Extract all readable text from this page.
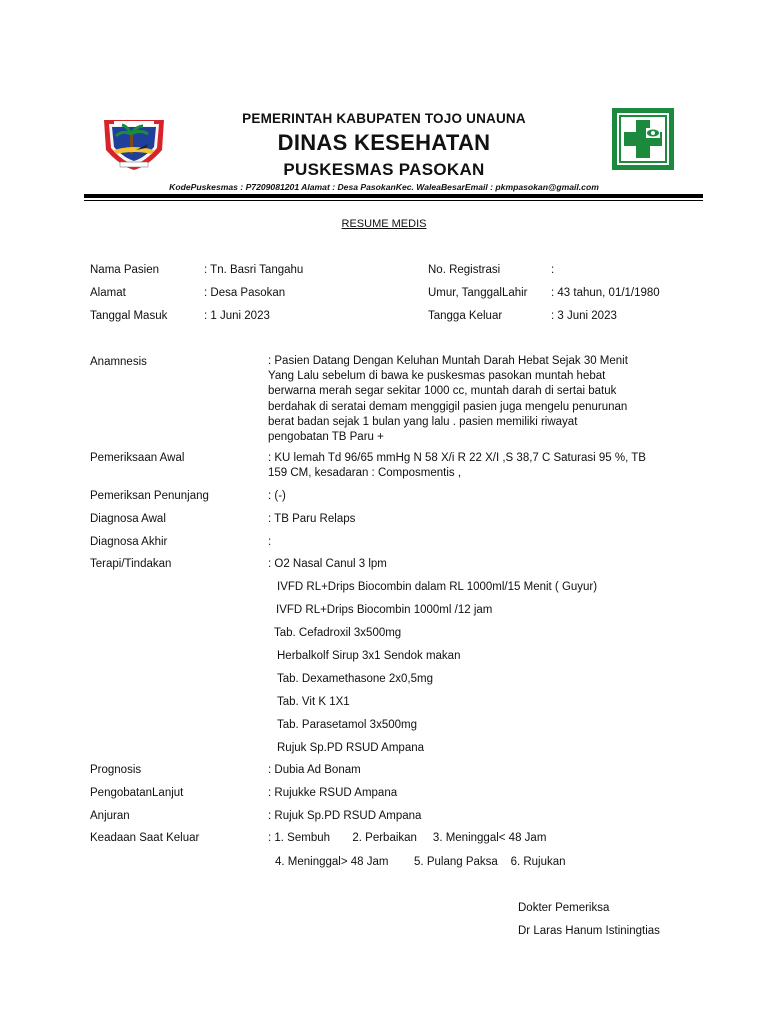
PEMERINTAH KABUPATEN TOJO UNAUNA
DINAS KESEHATAN
PUSKESMAS PASOKAN
KodePuskesmas : P7209081201 Alamat : Desa PasokanKec. WaleaBesarEmail : pkmpasokan@gmail.com
RESUME MEDIS
Nama Pasien	: Tn. Basri Tangahu	No. Registrasi	:
Alamat	: Desa Pasokan	Umur, TanggalLahir : 43 tahun, 01/1/1980
Tanggal Masuk	: 1 Juni 2023	Tangga Keluar	: 3 Juni 2023
Anamnesis	: Pasien Datang Dengan Keluhan Muntah Darah Hebat Sejak 30 Menit
Yang Lalu sebelum di bawa ke puskesmas pasokan muntah hebat
berwarna merah segar sekitar 1000 cc, muntah darah di sertai batuk
berdahak di seratai demam menggigil pasien juga mengelu penurunan
berat badan sejak 1 bulan yang lalu . pasien memiliki riwayat
pengobatan TB Paru +
Pemeriksaan Awal	: KU lemah Td 96/65 mmHg N 58 X/i R 22 X/I ,S 38,7 C Saturasi 95 %, TB
159 CM, kesadaran : Composmentis ,
Pemeriksan Penunjang	: (-)
Diagnosa Awal	: TB Paru Relaps
Diagnosa Akhir	:
Terapi/Tindakan	: O2 Nasal Canul 3 lpm
IVFD RL+Drips Biocombin dalam RL 1000ml/15 Menit ( Guyur)
IVFD RL+Drips Biocombin 1000ml /12 jam
Tab. Cefadroxil 3x500mg
Herbalkolf Sirup 3x1 Sendok makan
Tab. Dexamethasone 2x0,5mg
Tab. Vit K 1X1
Tab. Parasetamol 3x500mg
Rujuk Sp.PD RSUD Ampana
Prognosis	: Dubia Ad Bonam
PengobatanLanjut	: Rujukke RSUD Ampana
Anjuran	: Rujuk Sp.PD RSUD Ampana
Keadaan Saat Keluar	: 1. Sembuh       2. Perbaikan     3. Meninggal< 48 Jam
4. Meninggal> 48 Jam        5. Pulang Paksa    6. Rujukan
Dokter Pemeriksa
Dr Laras Hanum Istiningtias
